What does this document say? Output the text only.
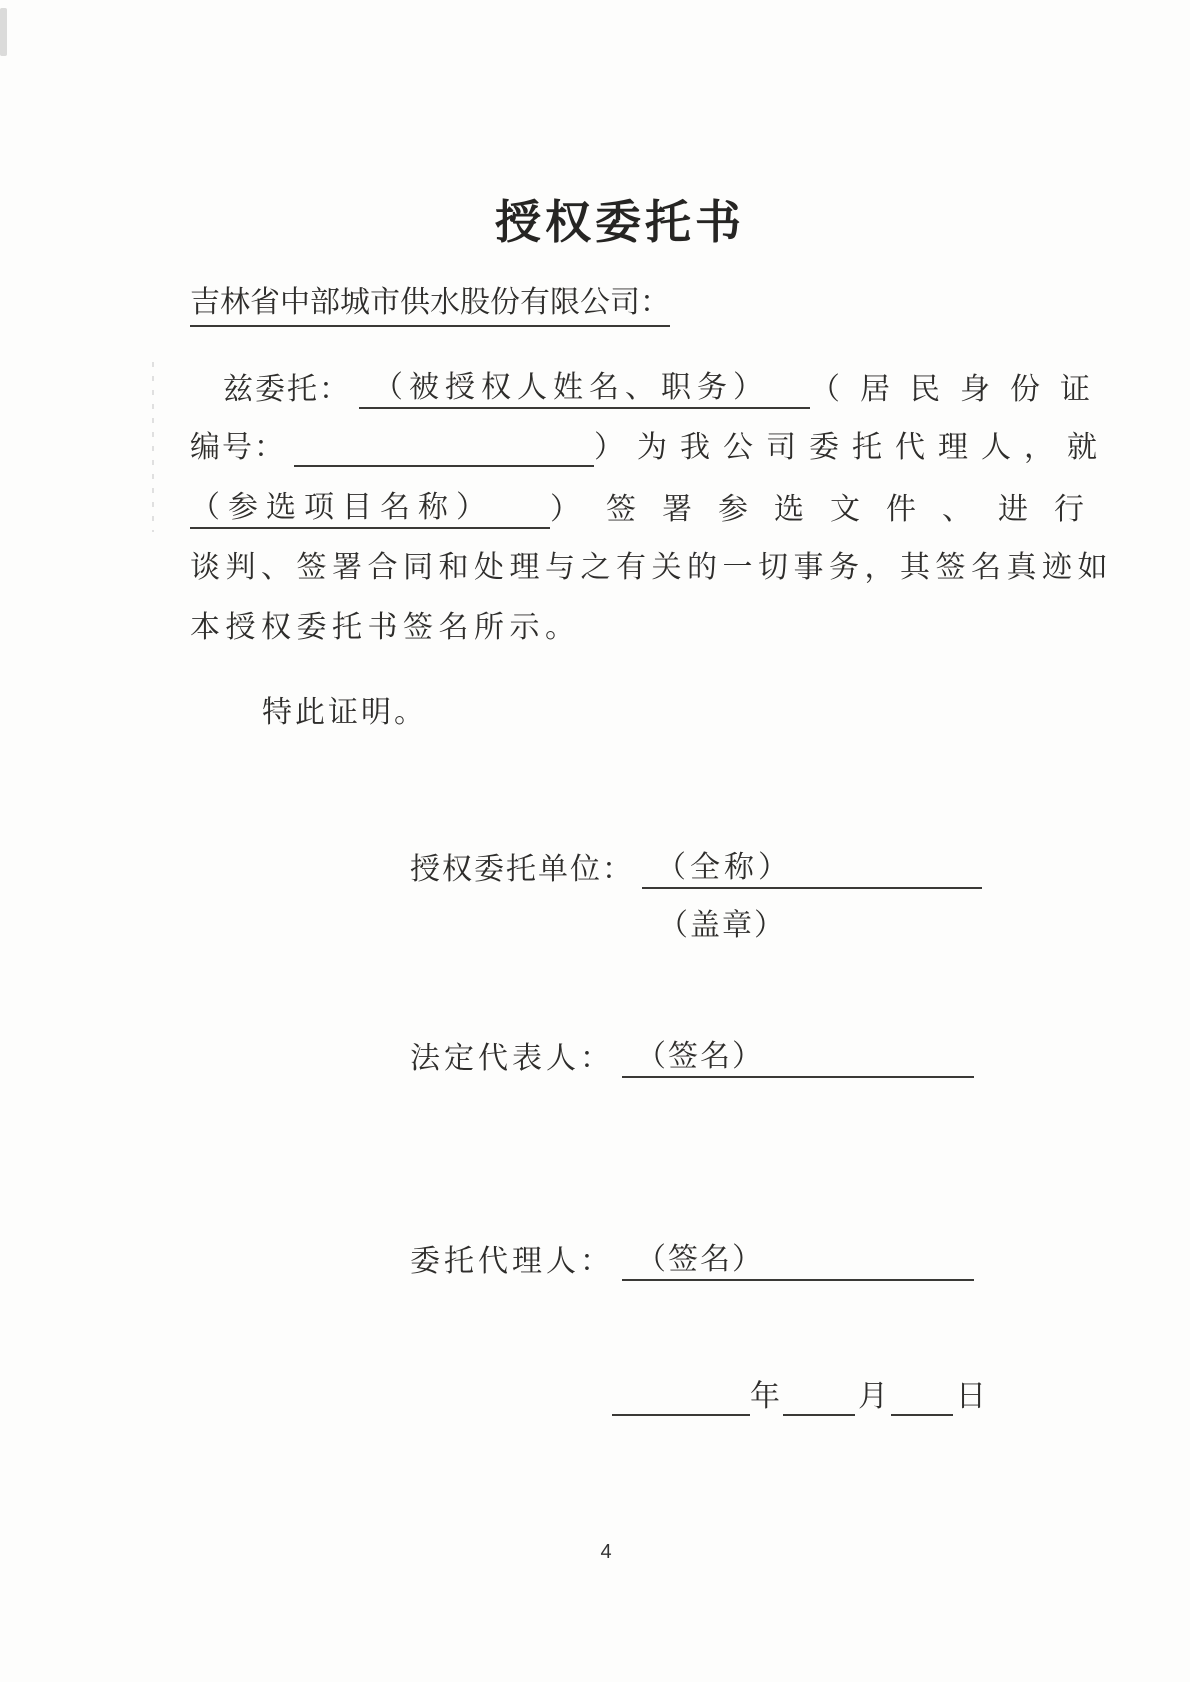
授权委托书
吉林省中部城市供水股份有限公司：
兹委托： （被授权人姓名、职务）	（居民身份证
编号：	）为我公司委托代理人，就
（参选项目名称）	）签署参选文件、进行
谈判、签署合同和处理与之有关的一切事务，其签名真迹如
本授权委托书签名所示。
特此证明。
授权委托单位： （全称）
（盖章）
法定代表人： （签名）
委托代理人： （签名）
年	月 日
4
